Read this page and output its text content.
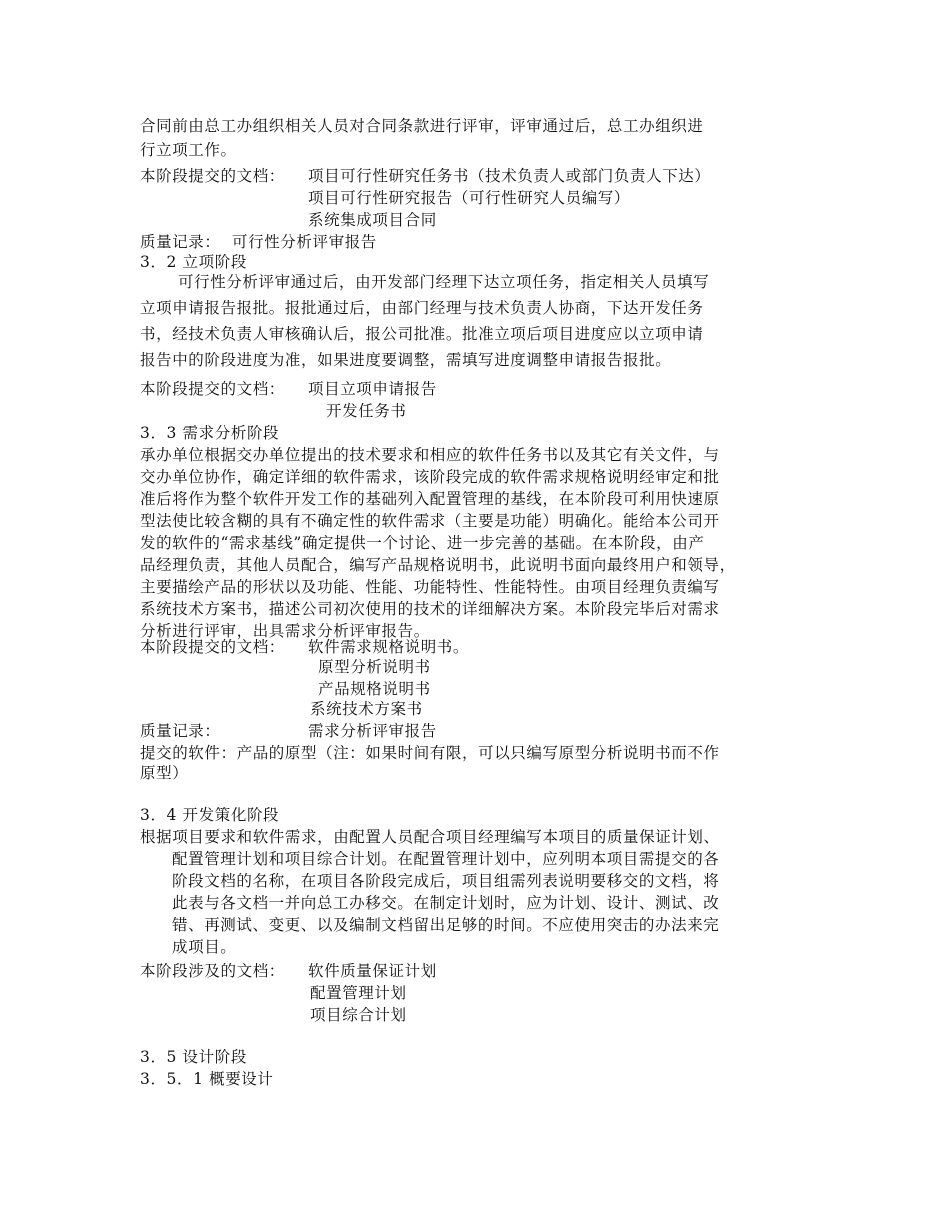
合同前由总工办组织相关人员对合同条款进行评审，评审通过后，总工办组织进
行立项工作。
本阶段提交的文档： 项目可行性研究任务书（技术负责人或部门负责人下达）
项目可行性研究报告（可行性研究人员编写）
系统集成项目合同
质量记录： 可行性分析评审报告
3．2 立项阶段
可行性分析评审通过后，由开发部门经理下达立项任务，指定相关人员填写
立项申请报告报批。报批通过后，由部门经理与技术负责人协商，下达开发任务
书，经技术负责人审核确认后，报公司批准。批准立项后项目进度应以立项申请
报告中的阶段进度为准，如果进度要调整，需填写进度调整申请报告报批。
本阶段提交的文档： 项目立项申请报告
开发任务书
3．3 需求分析阶段
承办单位根据交办单位提出的技术要求和相应的软件任务书以及其它有关文件，与
交办单位协作，确定详细的软件需求，该阶段完成的软件需求规格说明经审定和批
准后将作为整个软件开发工作的基础列入配置管理的基线，在本阶段可利用快速原
型法使比较含糊的具有不确定性的软件需求（主要是功能）明确化。能给本公司开
发的软件的“需求基线”确定提供一个讨论、进一步完善的基础。在本阶段，由产
品经理负责，其他人员配合，编写产品规格说明书，此说明书面向最终用户和领导，
主要描绘产品的形状以及功能、性能、功能特性、性能特性。由项目经理负责编写
系统技术方案书，描述公司初次使用的技术的详细解决方案。本阶段完毕后对需求
分析进行评审，出具需求分析评审报告。
本阶段提交的文档： 软件需求规格说明书。
原型分析说明书
产品规格说明书
系统技术方案书
质量记录：	需求分析评审报告
提交的软件：产品的原型（注：如果时间有限，可以只编写原型分析说明书而不作
原型）
3．4 开发策化阶段
根据项目要求和软件需求，由配置人员配合项目经理编写本项目的质量保证计划、
配置管理计划和项目综合计划。在配置管理计划中，应列明本项目需提交的各
阶段文档的名称，在项目各阶段完成后，项目组需列表说明要移交的文档，将
此表与各文档一并向总工办移交。在制定计划时，应为计划、设计、测试、改
错、再测试、变更、以及编制文档留出足够的时间。不应使用突击的办法来完
成项目。
本阶段涉及的文档： 软件质量保证计划
配置管理计划
项目综合计划
3．5 设计阶段
3．5．1 概要设计
